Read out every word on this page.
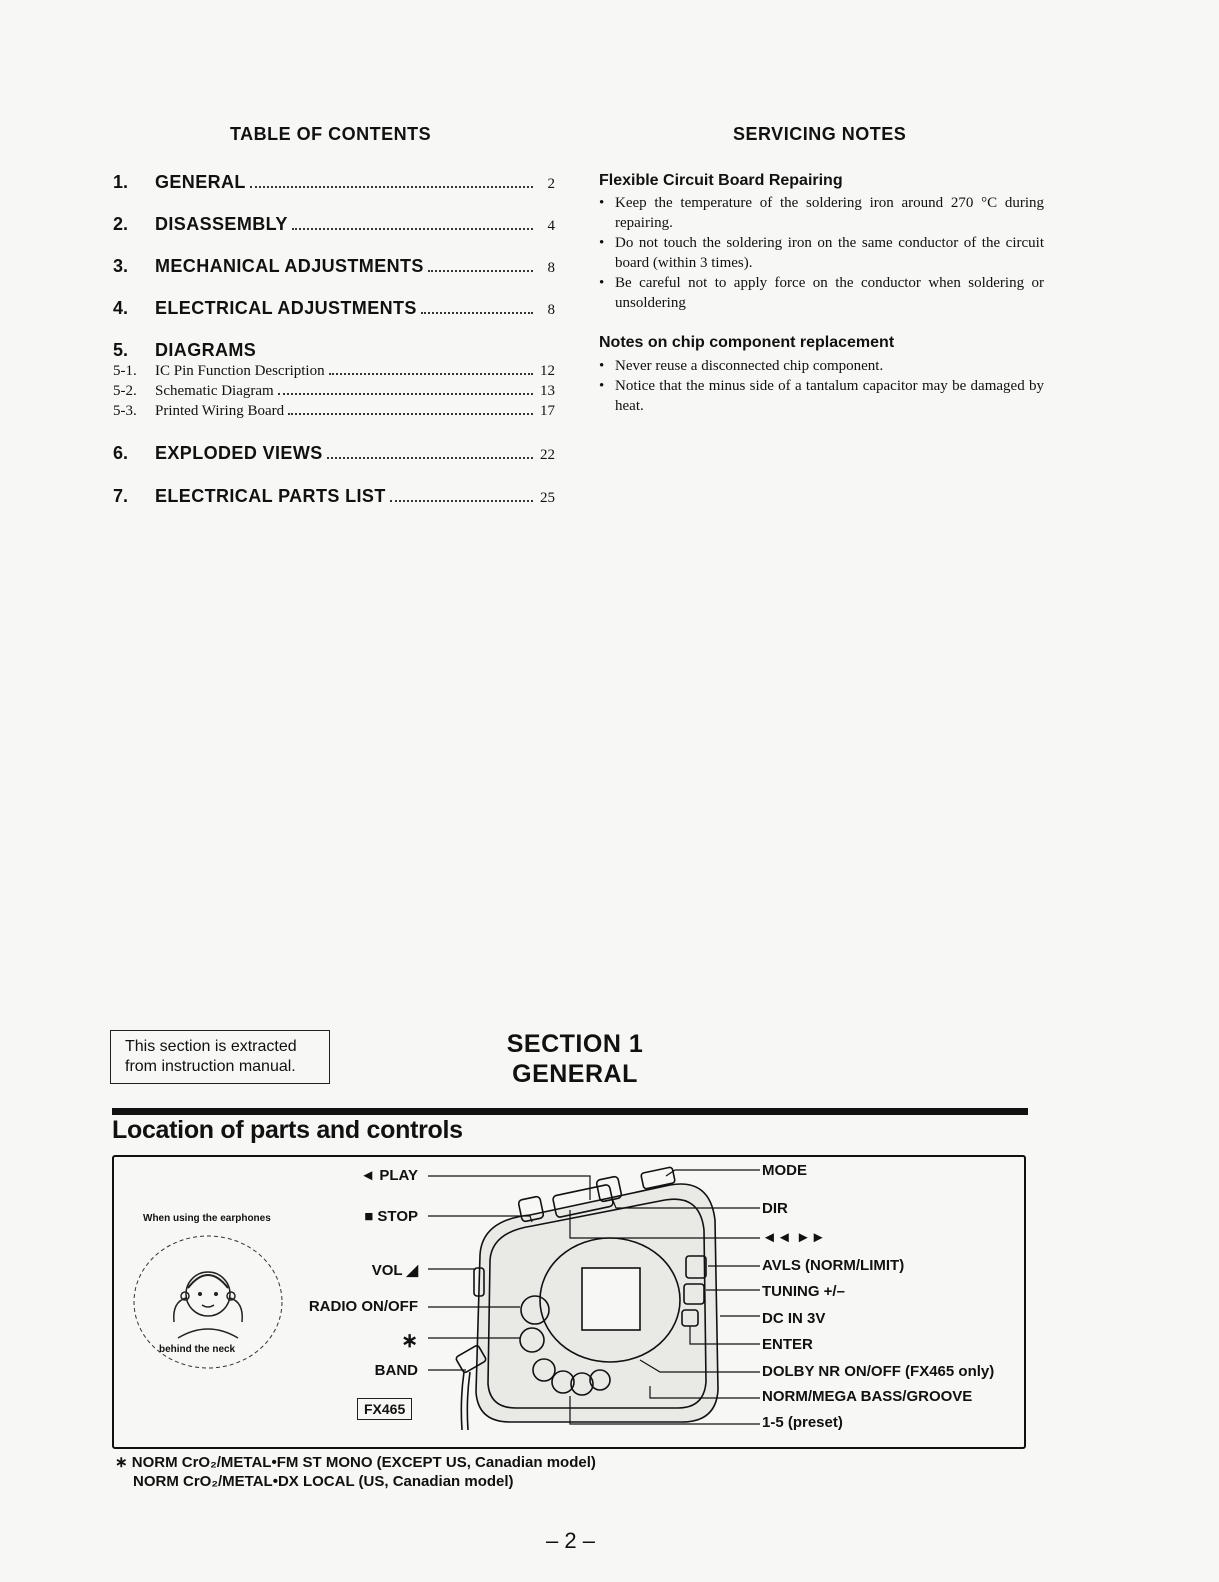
TABLE OF CONTENTS	SERVICING NOTES
1.	GENERAL	2
2.	DISASSEMBLY	4
3.	MECHANICAL ADJUSTMENTS	8
4.	ELECTRICAL ADJUSTMENTS	8
5.	DIAGRAMS
5-1.	IC Pin Function Description	12
5-2.	Schematic Diagram	13
5-3.	Printed Wiring Board	17
6.	EXPLODED VIEWS	22
7.	ELECTRICAL PARTS LIST	25
Flexible Circuit Board Repairing
• Keep the temperature of the soldering iron around 270 °C during repairing.
• Do not touch the soldering iron on the same conductor of the circuit board (within 3 times).
• Be careful not to apply force on the conductor when soldering or unsoldering
Notes on chip component replacement
• Never reuse a disconnected chip component.
• Notice that the minus side of a tantalum capacitor may be damaged by heat.
This section is extracted
from instruction manual.
SECTION 1
GENERAL
Location of parts and controls
When using the earphones
behind the neck
◄ PLAY
■ STOP
VOL ◢
RADIO ON/OFF
∗
BAND
FX465
MODE
DIR
◄◄ ►►
AVLS (NORM/LIMIT)
TUNING +/–
DC IN 3V
ENTER
DOLBY NR ON/OFF (FX465 only)
NORM/MEGA BASS/GROOVE
1-5 (preset)
∗ NORM CrO₂/METAL•FM ST MONO (EXCEPT US, Canadian model)
NORM CrO₂/METAL•DX LOCAL (US, Canadian model)
– 2 –
